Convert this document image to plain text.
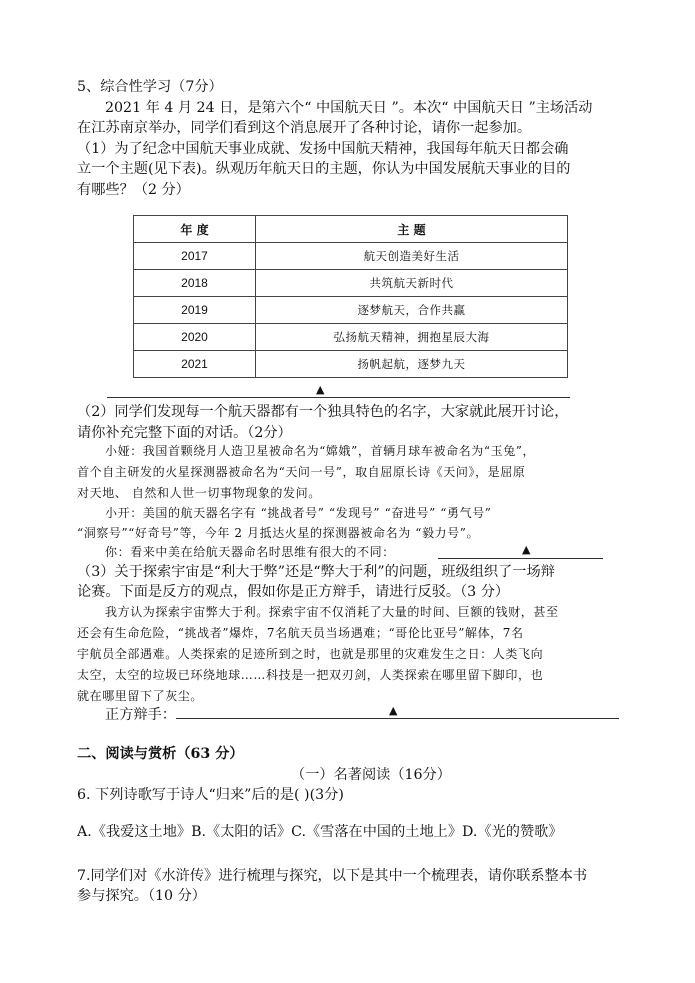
5、综合性学习（7分）
2021 年 4 月 24 日，是第六个“ 中国航天日 ”。本次“ 中国航天日 ”主场活动
在江苏南京举办，同学们看到这个消息展开了各种讨论，请你一起参加。
（1）为了纪念中国航天事业成就、发扬中国航天精神，我国每年航天日都会确
立一个主题(见下表)。纵观历年航天日的主题，你认为中国发展航天事业的目的
有哪些？（2 分）
年 度	主 题
2017	航天创造美好生活
2018	共筑航天新时代
2019	逐梦航天，合作共赢
2020	弘扬航天精神，拥抱星辰大海
2021	扬帆起航，逐梦九天
▲
（2）同学们发现每一个航天器都有一个独具特色的名字，大家就此展开讨论，
请你补充完整下面的对话。（2分）
小娅：我国首颗绕月人造卫星被命名为“嫦娥”，首辆月球车被命名为“玉兔”，
首个自主研发的火星探测器被命名为“天问一号”，取自屈原长诗《天问》，是屈原
对天地、 自然和人世一切事物现象的发问。
小开：美国的航天器名字有 “挑战者号” “发现号” “奋进号” “勇气号”
“洞察号”“好奇号”等，今年 2 月抵达火星的探测器被命名为 “毅力号”。
你：看来中美在给航天器命名时思维有很大的不同：	▲
（3）关于探索宇宙是“利大于弊”还是“弊大于利”的问题，班级组织了一场辩
论赛。下面是反方的观点，假如你是正方辩手，请进行反驳。（3 分）
我方认为探索宇宙弊大于利。探索宇宙不仅消耗了大量的时间、巨额的钱财，甚至
还会有生命危险，“挑战者”爆炸，7名航天员当场遇难；“哥伦比亚号”解体，7名
宇航员全部遇难。人类探索的足迹所到之时，也就是那里的灾难发生之日：人类飞向
太空，太空的垃圾已环绕地球……科技是一把双刃剑，人类探索在哪里留下脚印，也
就在哪里留下了灰尘。
正方辩手：	▲
二、阅读与赏析（63 分）
（一）名著阅读（16分）
6. 下列诗歌写于诗人“归来”后的是( )(3分)
A.《我爱这土地》B.《太阳的话》C.《雪落在中国的土地上》D.《光的赞歌》
7.同学们对《水浒传》进行梳理与探究，以下是其中一个梳理表，请你联系整本书
参与探究。（10 分）
